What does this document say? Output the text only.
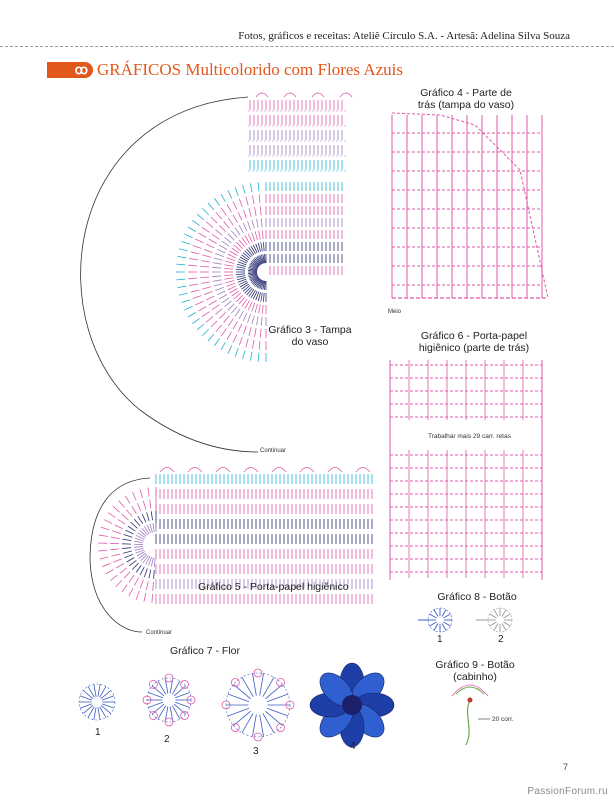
Fotos, gráficos e receitas: Ateliê Círculo S.A. - Artesã: Adelina Silva Souza
ꝏ GRÁFICOS Multicolorido com Flores Azuis
Gráfico 3 - Tampa
do vaso
Continuar
Gráfico 4 - Parte de
trás (tampa do vaso)
Meio
Gráfico 6 - Porta-papel
higiênico (parte de trás)
Trabalhar mais 29 carr. retas
Gráfico 5 - Porta-papel higiênico
Continuar
Gráfico 8 - Botão
1	2
Gráfico 9 - Botão
(cabinho)
20 corr.
Gráfico 7 - Flor
1
2
3	4
7
PassionForum.ru
